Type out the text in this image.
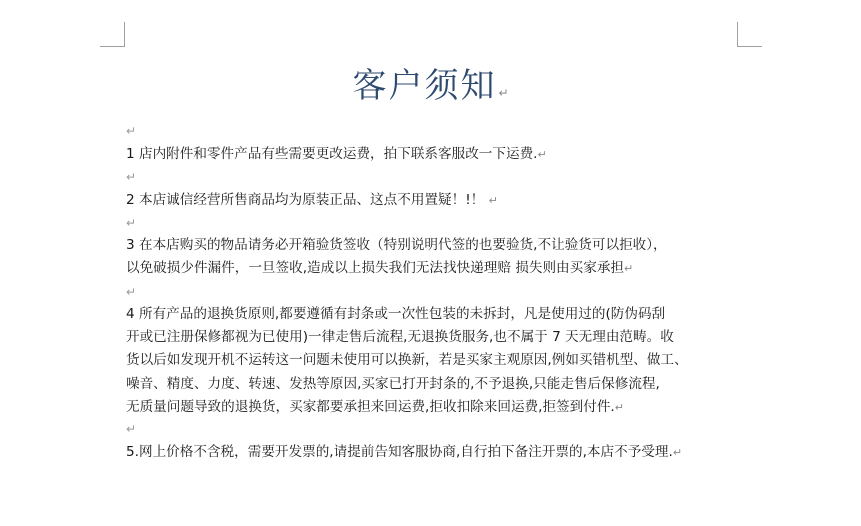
客户须知 ↵
↵
1 店内附件和零件产品有些需要更改运费，拍下联系客服改一下运费.↵
↵
2 本店诚信经营所售商品均为原装正品、这点不用置疑！!！ ↵
↵
3 在本店购买的物品请务必开箱验货签收（特别说明代签的也要验货,不让验货可以拒收），
以免破损少件漏件，一旦签收,造成以上损失我们无法找快递理赔 损失则由买家承担↵
↵
4 所有产品的退换货原则,都要遵循有封条或一次性包装的未拆封，凡是使用过的(防伪码刮
开或已注册保修都视为已使用)一律走售后流程,无退换货服务,也不属于 7 天无理由范畴。收
货以后如发现开机不运转这一问题未使用可以换新，若是买家主观原因,例如买错机型、做工、
噪音、精度、力度、转速、发热等原因,买家已打开封条的,不予退换,只能走售后保修流程,
无质量问题导致的退换货，买家都要承担来回运费,拒收扣除来回运费,拒签到付件.↵
↵
5.网上价格不含税，需要开发票的,请提前告知客服协商,自行拍下备注开票的,本店不予受理.↵
